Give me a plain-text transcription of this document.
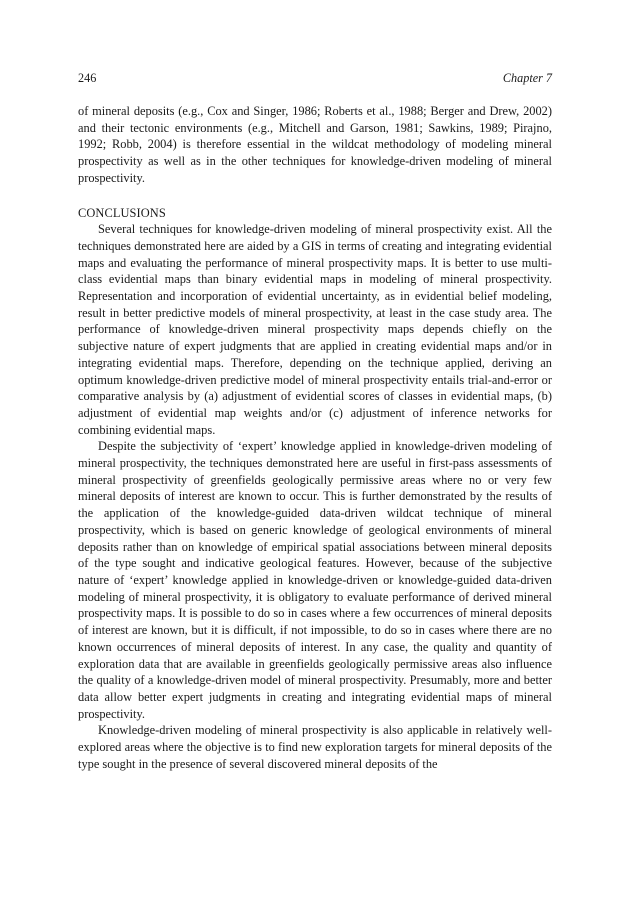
246	Chapter 7

of mineral deposits (e.g., Cox and Singer, 1986; Roberts et al., 1988; Berger and Drew, 2002) and their tectonic environments (e.g., Mitchell and Garson, 1981; Sawkins, 1989; Pirajno, 1992; Robb, 2004) is therefore essential in the wildcat methodology of modeling mineral prospectivity as well as in the other techniques for knowledge-driven modeling of mineral prospectivity.

CONCLUSIONS

Several techniques for knowledge-driven modeling of mineral prospectivity exist. All the techniques demonstrated here are aided by a GIS in terms of creating and integrating evidential maps and evaluating the performance of mineral prospectivity maps. It is better to use multi-class evidential maps than binary evidential maps in modeling of mineral prospectivity. Representation and incorporation of evidential uncertainty, as in evidential belief modeling, result in better predictive models of mineral prospectivity, at least in the case study area. The performance of knowledge-driven mineral prospectivity maps depends chiefly on the subjective nature of expert judgments that are applied in creating evidential maps and/or in integrating evidential maps. Therefore, depending on the technique applied, deriving an optimum knowledge-driven predictive model of mineral prospectivity entails trial-and-error or comparative analysis by (a) adjustment of evidential scores of classes in evidential maps, (b) adjustment of evidential map weights and/or (c) adjustment of inference networks for combining evidential maps.

Despite the subjectivity of ‘expert’ knowledge applied in knowledge-driven modeling of mineral prospectivity, the techniques demonstrated here are useful in first-pass assessments of mineral prospectivity of greenfields geologically permissive areas where no or very few mineral deposits of interest are known to occur. This is further demonstrated by the results of the application of the knowledge-guided data-driven wildcat technique of mineral prospectivity, which is based on generic knowledge of geological environments of mineral deposits rather than on knowledge of empirical spatial associations between mineral deposits of the type sought and indicative geological features. However, because of the subjective nature of ‘expert’ knowledge applied in knowledge-driven or knowledge-guided data-driven modeling of mineral prospectivity, it is obligatory to evaluate performance of derived mineral prospectivity maps. It is possible to do so in cases where a few occurrences of mineral deposits of interest are known, but it is difficult, if not impossible, to do so in cases where there are no known occurrences of mineral deposits of interest. In any case, the quality and quantity of exploration data that are available in greenfields geologically permissive areas also influence the quality of a knowledge-driven model of mineral prospectivity. Presumably, more and better data allow better expert judgments in creating and integrating evidential maps of mineral prospectivity.

Knowledge-driven modeling of mineral prospectivity is also applicable in relatively well-explored areas where the objective is to find new exploration targets for mineral deposits of the type sought in the presence of several discovered mineral deposits of the
